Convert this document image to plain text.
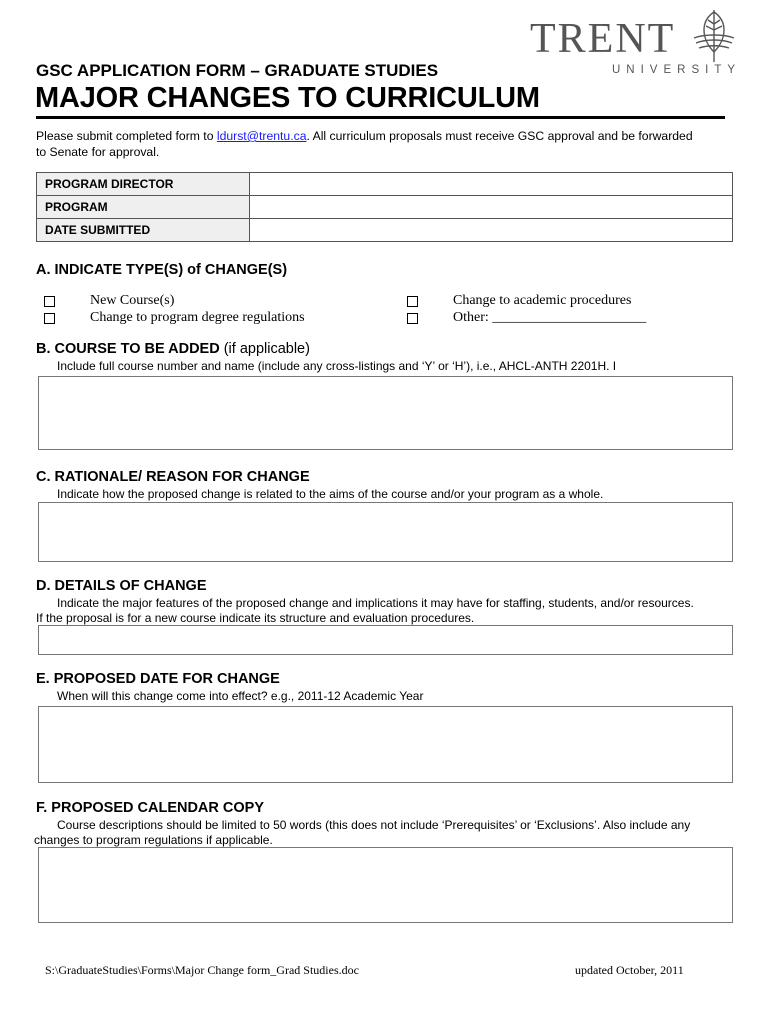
TRENT
UNIVERSITY
GSC APPLICATION FORM – GRADUATE STUDIES
MAJOR CHANGES TO CURRICULUM
Please submit completed form to ldurst@trentu.ca. All curriculum proposals must receive GSC approval and be forwarded
to Senate for approval.
PROGRAM DIRECTOR	
PROGRAM	
DATE SUBMITTED	
A. INDICATE TYPE(S) of CHANGE(S)
New Course(s)
Change to program degree regulations
Change to academic procedures
Other: ______________________
B. COURSE TO BE ADDED (if applicable)
Include full course number and name (include any cross-listings and ‘Y’ or ‘H’), i.e., AHCL-ANTH 2201H. I
C. RATIONALE/ REASON FOR CHANGE
Indicate how the proposed change is related to the aims of the course and/or your program as a whole.
D. DETAILS OF CHANGE
Indicate the major features of the proposed change and implications it may have for staffing, students, and/or resources.
If the proposal is for a new course indicate its structure and evaluation procedures.
E. PROPOSED DATE FOR CHANGE
When will this change come into effect? e.g., 2011-12 Academic Year
F. PROPOSED CALENDAR COPY
Course descriptions should be limited to 50 words (this does not include ‘Prerequisites’ or ‘Exclusions’. Also include any
changes to program regulations if applicable.
S:\GraduateStudies\Forms\Major Change form_Grad Studies.doc	updated October, 2011
